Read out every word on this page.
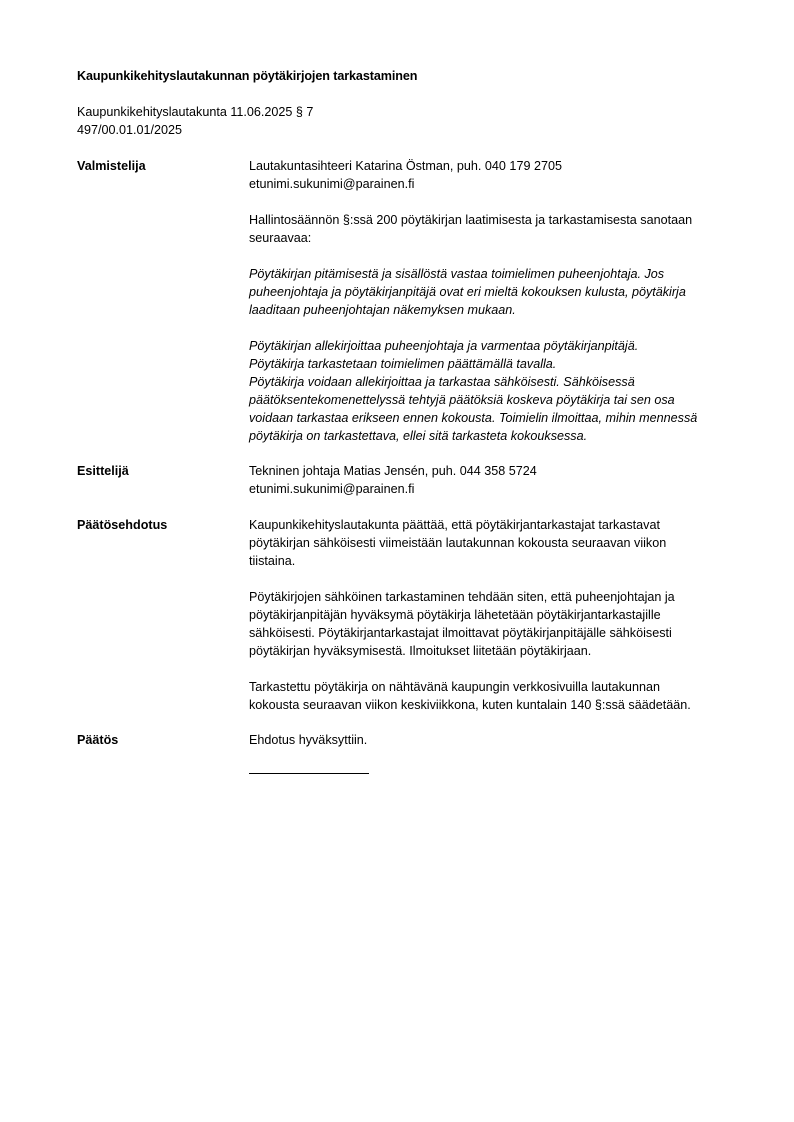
Kaupunkikehityslautakunnan pöytäkirjojen tarkastaminen
Kaupunkikehityslautakunta 11.06.2025 § 7
497/00.01.01/2025
Valmistelija	Lautakuntasihteeri Katarina Östman, puh. 040 179 2705
etunimi.sukunimi@parainen.fi

Hallintosäännön §:ssä 200 pöytäkirjan laatimisesta ja tarkastamisesta sanotaan
seuraavaa:

Pöytäkirjan pitämisestä ja sisällöstä vastaa toimielimen puheenjohtaja. Jos
puheenjohtaja ja pöytäkirjanpitäjä ovat eri mieltä kokouksen kulusta, pöytäkirja
laaditaan puheenjohtajan näkemyksen mukaan.

Pöytäkirjan allekirjoittaa puheenjohtaja ja varmentaa pöytäkirjanpitäjä.
Pöytäkirja tarkastetaan toimielimen päättämällä tavalla.
Pöytäkirja voidaan allekirjoittaa ja tarkastaa sähköisesti. Sähköisessä
päätöksentekomenettelyssä tehtyjä päätöksiä koskeva pöytäkirja tai sen osa
voidaan tarkastaa erikseen ennen kokousta. Toimielin ilmoittaa, mihin mennessä
pöytäkirja on tarkastettava, ellei sitä tarkasteta kokouksessa.

Esittelijä	Tekninen johtaja Matias Jensén, puh. 044 358 5724
etunimi.sukunimi@parainen.fi

Päätösehdotus	Kaupunkikehityslautakunta päättää, että pöytäkirjantarkastajat tarkastavat
pöytäkirjan sähköisesti viimeistään lautakunnan kokousta seuraavan viikon
tiistaina.

Pöytäkirjojen sähköinen tarkastaminen tehdään siten, että puheenjohtajan ja
pöytäkirjanpitäjän hyväksymä pöytäkirja lähetetään pöytäkirjantarkastajille
sähköisesti. Pöytäkirjantarkastajat ilmoittavat pöytäkirjanpitäjälle sähköisesti
pöytäkirjan hyväksymisestä. Ilmoitukset liitetään pöytäkirjaan.

Tarkastettu pöytäkirja on nähtävänä kaupungin verkkosivuilla lautakunnan
kokousta seuraavan viikon keskiviikkona, kuten kuntalain 140 §:ssä säädetään.

Päätös	Ehdotus hyväksyttiin.
